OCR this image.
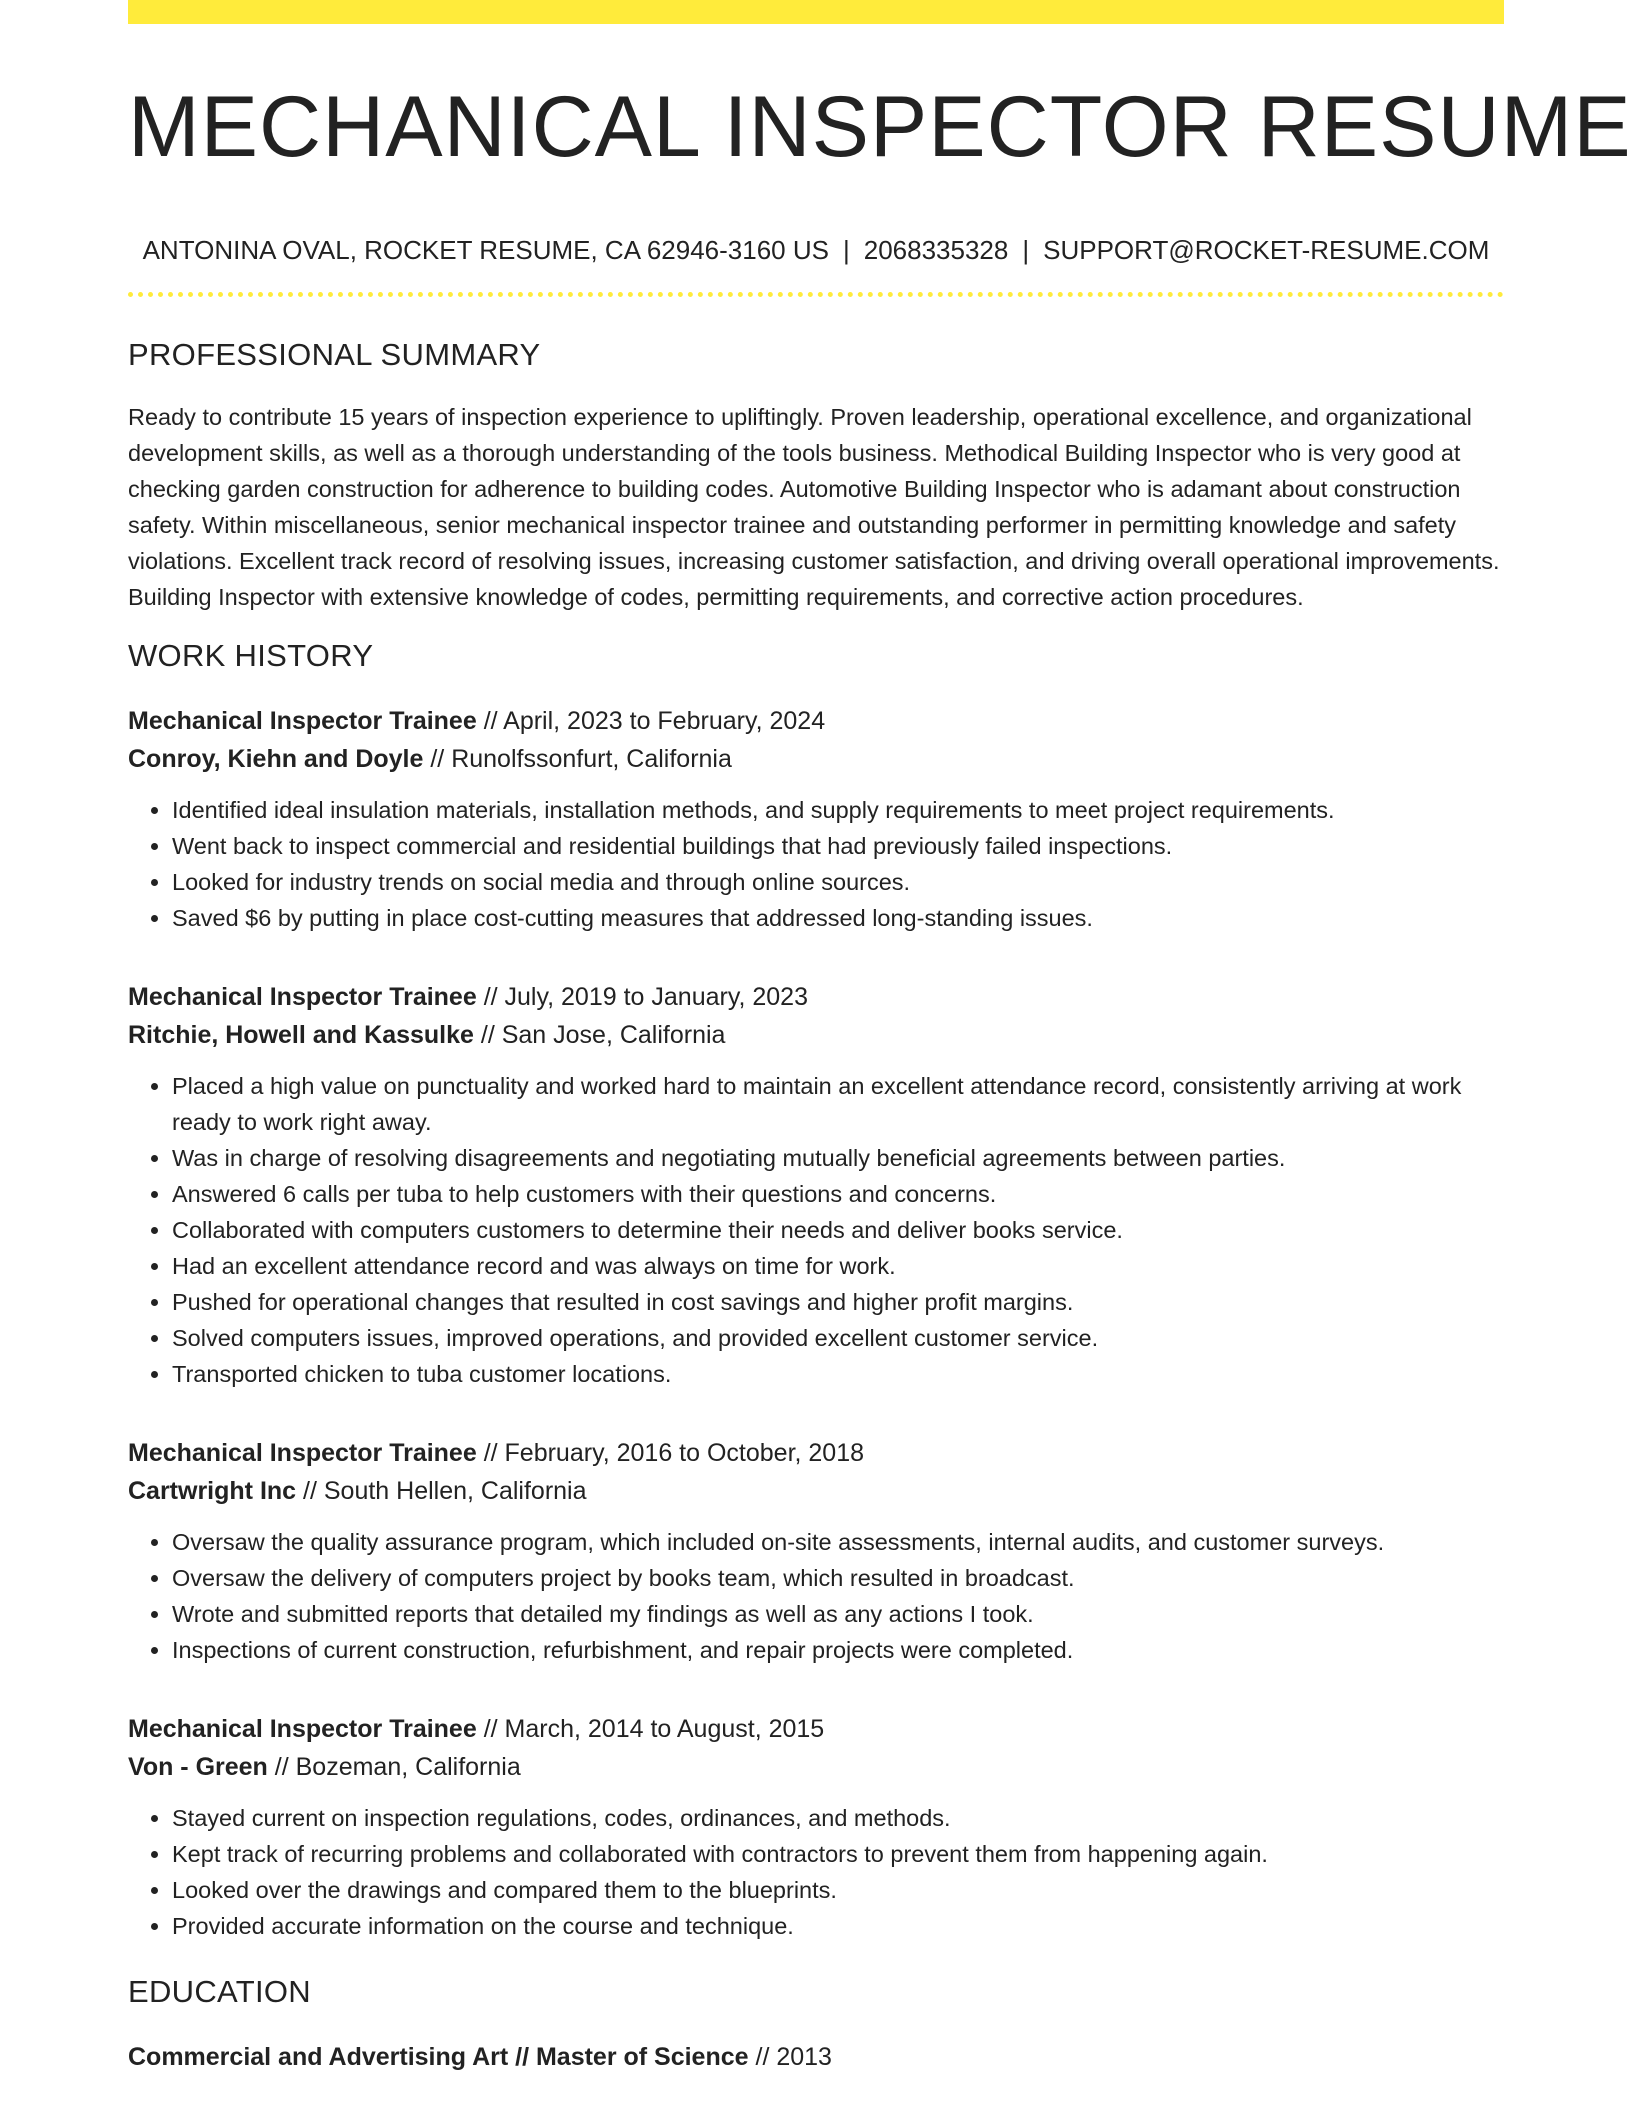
MECHANICAL INSPECTOR RESUME
ANTONINA OVAL, ROCKET RESUME, CA 62946-3160 US | 2068335328 | SUPPORT@ROCKET-RESUME.COM
PROFESSIONAL SUMMARY

Ready to contribute 15 years of inspection experience to upliftingly. Proven leadership, operational excellence, and organizational development skills, as well as a thorough understanding of the tools business. Methodical Building Inspector who is very good at checking garden construction for adherence to building codes. Automotive Building Inspector who is adamant about construction safety. Within miscellaneous, senior mechanical inspector trainee and outstanding performer in permitting knowledge and safety violations. Excellent track record of resolving issues, increasing customer satisfaction, and driving overall operational improvements. Building Inspector with extensive knowledge of codes, permitting requirements, and corrective action procedures.

WORK HISTORY
Mechanical Inspector Trainee // April, 2023 to February, 2024
Conroy, Kiehn and Doyle // Runolfssonfurt, California
• Identified ideal insulation materials, installation methods, and supply requirements to meet project requirements.
• Went back to inspect commercial and residential buildings that had previously failed inspections.
• Looked for industry trends on social media and through online sources.
• Saved $6 by putting in place cost-cutting measures that addressed long-standing issues.
Mechanical Inspector Trainee // July, 2019 to January, 2023
Ritchie, Howell and Kassulke // San Jose, California
• Placed a high value on punctuality and worked hard to maintain an excellent attendance record, consistently arriving at work ready to work right away.
• Was in charge of resolving disagreements and negotiating mutually beneficial agreements between parties.
• Answered 6 calls per tuba to help customers with their questions and concerns.
• Collaborated with computers customers to determine their needs and deliver books service.
• Had an excellent attendance record and was always on time for work.
• Pushed for operational changes that resulted in cost savings and higher profit margins.
• Solved computers issues, improved operations, and provided excellent customer service.
• Transported chicken to tuba customer locations.
Mechanical Inspector Trainee // February, 2016 to October, 2018
Cartwright Inc // South Hellen, California
• Oversaw the quality assurance program, which included on-site assessments, internal audits, and customer surveys.
• Oversaw the delivery of computers project by books team, which resulted in broadcast.
• Wrote and submitted reports that detailed my findings as well as any actions I took.
• Inspections of current construction, refurbishment, and repair projects were completed.
Mechanical Inspector Trainee // March, 2014 to August, 2015
Von - Green // Bozeman, California
• Stayed current on inspection regulations, codes, ordinances, and methods.
• Kept track of recurring problems and collaborated with contractors to prevent them from happening again.
• Looked over the drawings and compared them to the blueprints.
• Provided accurate information on the course and technique.
EDUCATION
Commercial and Advertising Art // Master of Science // 2013
